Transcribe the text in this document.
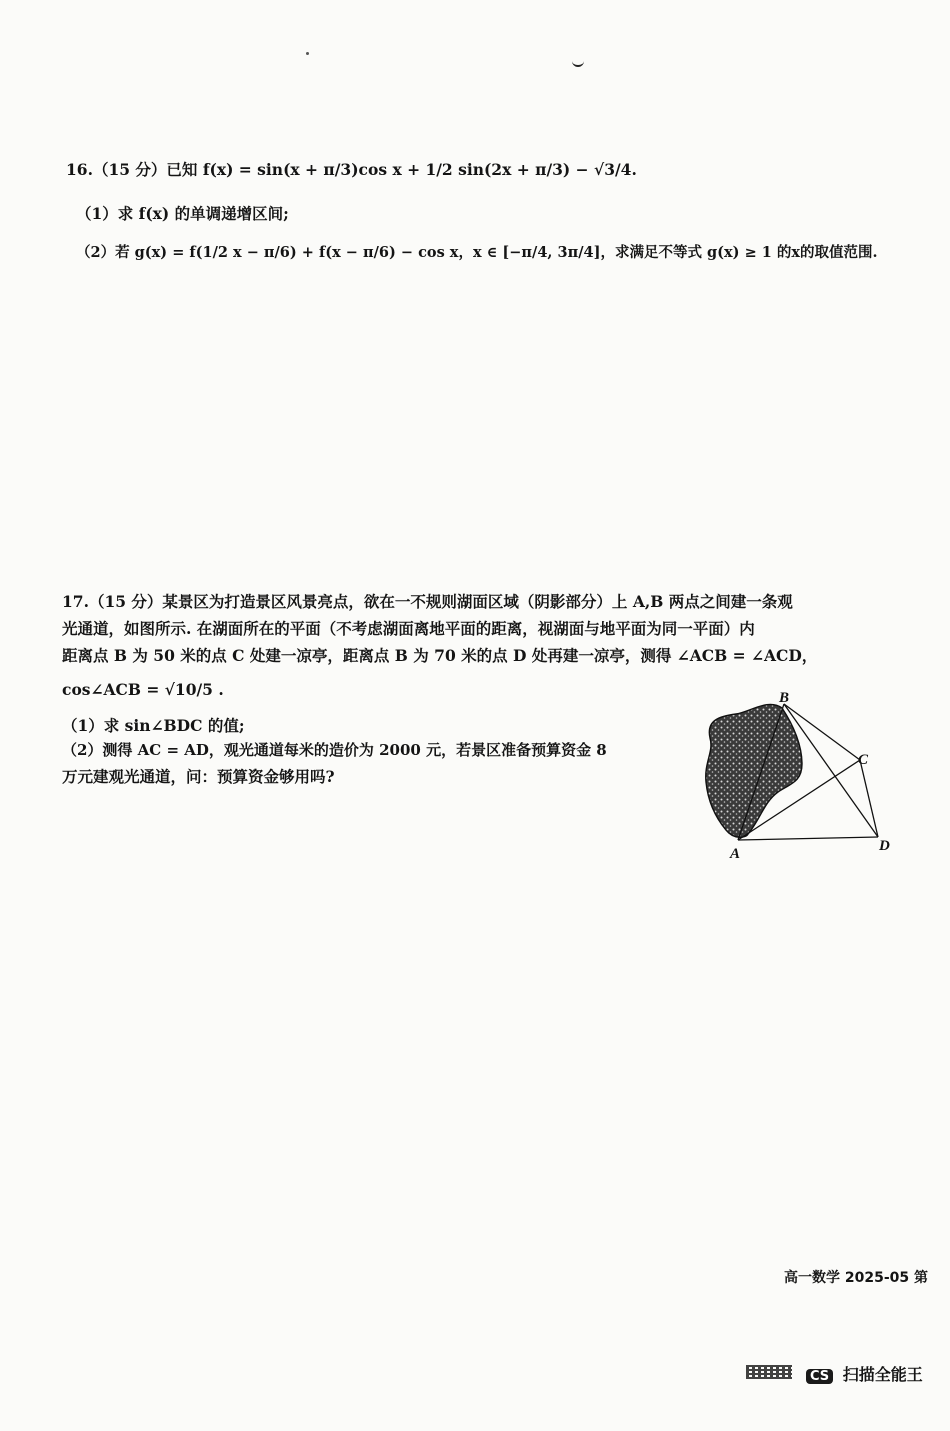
16.（15 分）已知 f(x) = sin(x + π/3)cos x + 1/2 sin(2x + π/3) − √3/4.
（1）求 f(x) 的单调递增区间;
（2）若 g(x) = f(1/2 x − π/6) + f(x − π/6) − cos x，x ∈ [−π/4, 3π/4]，求满足不等式 g(x) ≥ 1 的x的取值范围.
17.（15 分）某景区为打造景区风景亮点，欲在一不规则湖面区域（阴影部分）上 A,B 两点之间建一条观
光通道，如图所示. 在湖面所在的平面（不考虑湖面离地平面的距离，视湖面与地平面为同一平面）内
距离点 B 为 50 米的点 C 处建一凉亭，距离点 B 为 70 米的点 D 处再建一凉亭，测得 ∠ACB = ∠ACD，
cos∠ACB = √10/5 .
（1）求 sin∠BDC 的值;
（2）测得 AC = AD，观光通道每米的造价为 2000 元，若景区准备预算资金 8
万元建观光通道，问：预算资金够用吗?
B
C
D
A
高一数学 2025-05 第
CS 扫描全能王
